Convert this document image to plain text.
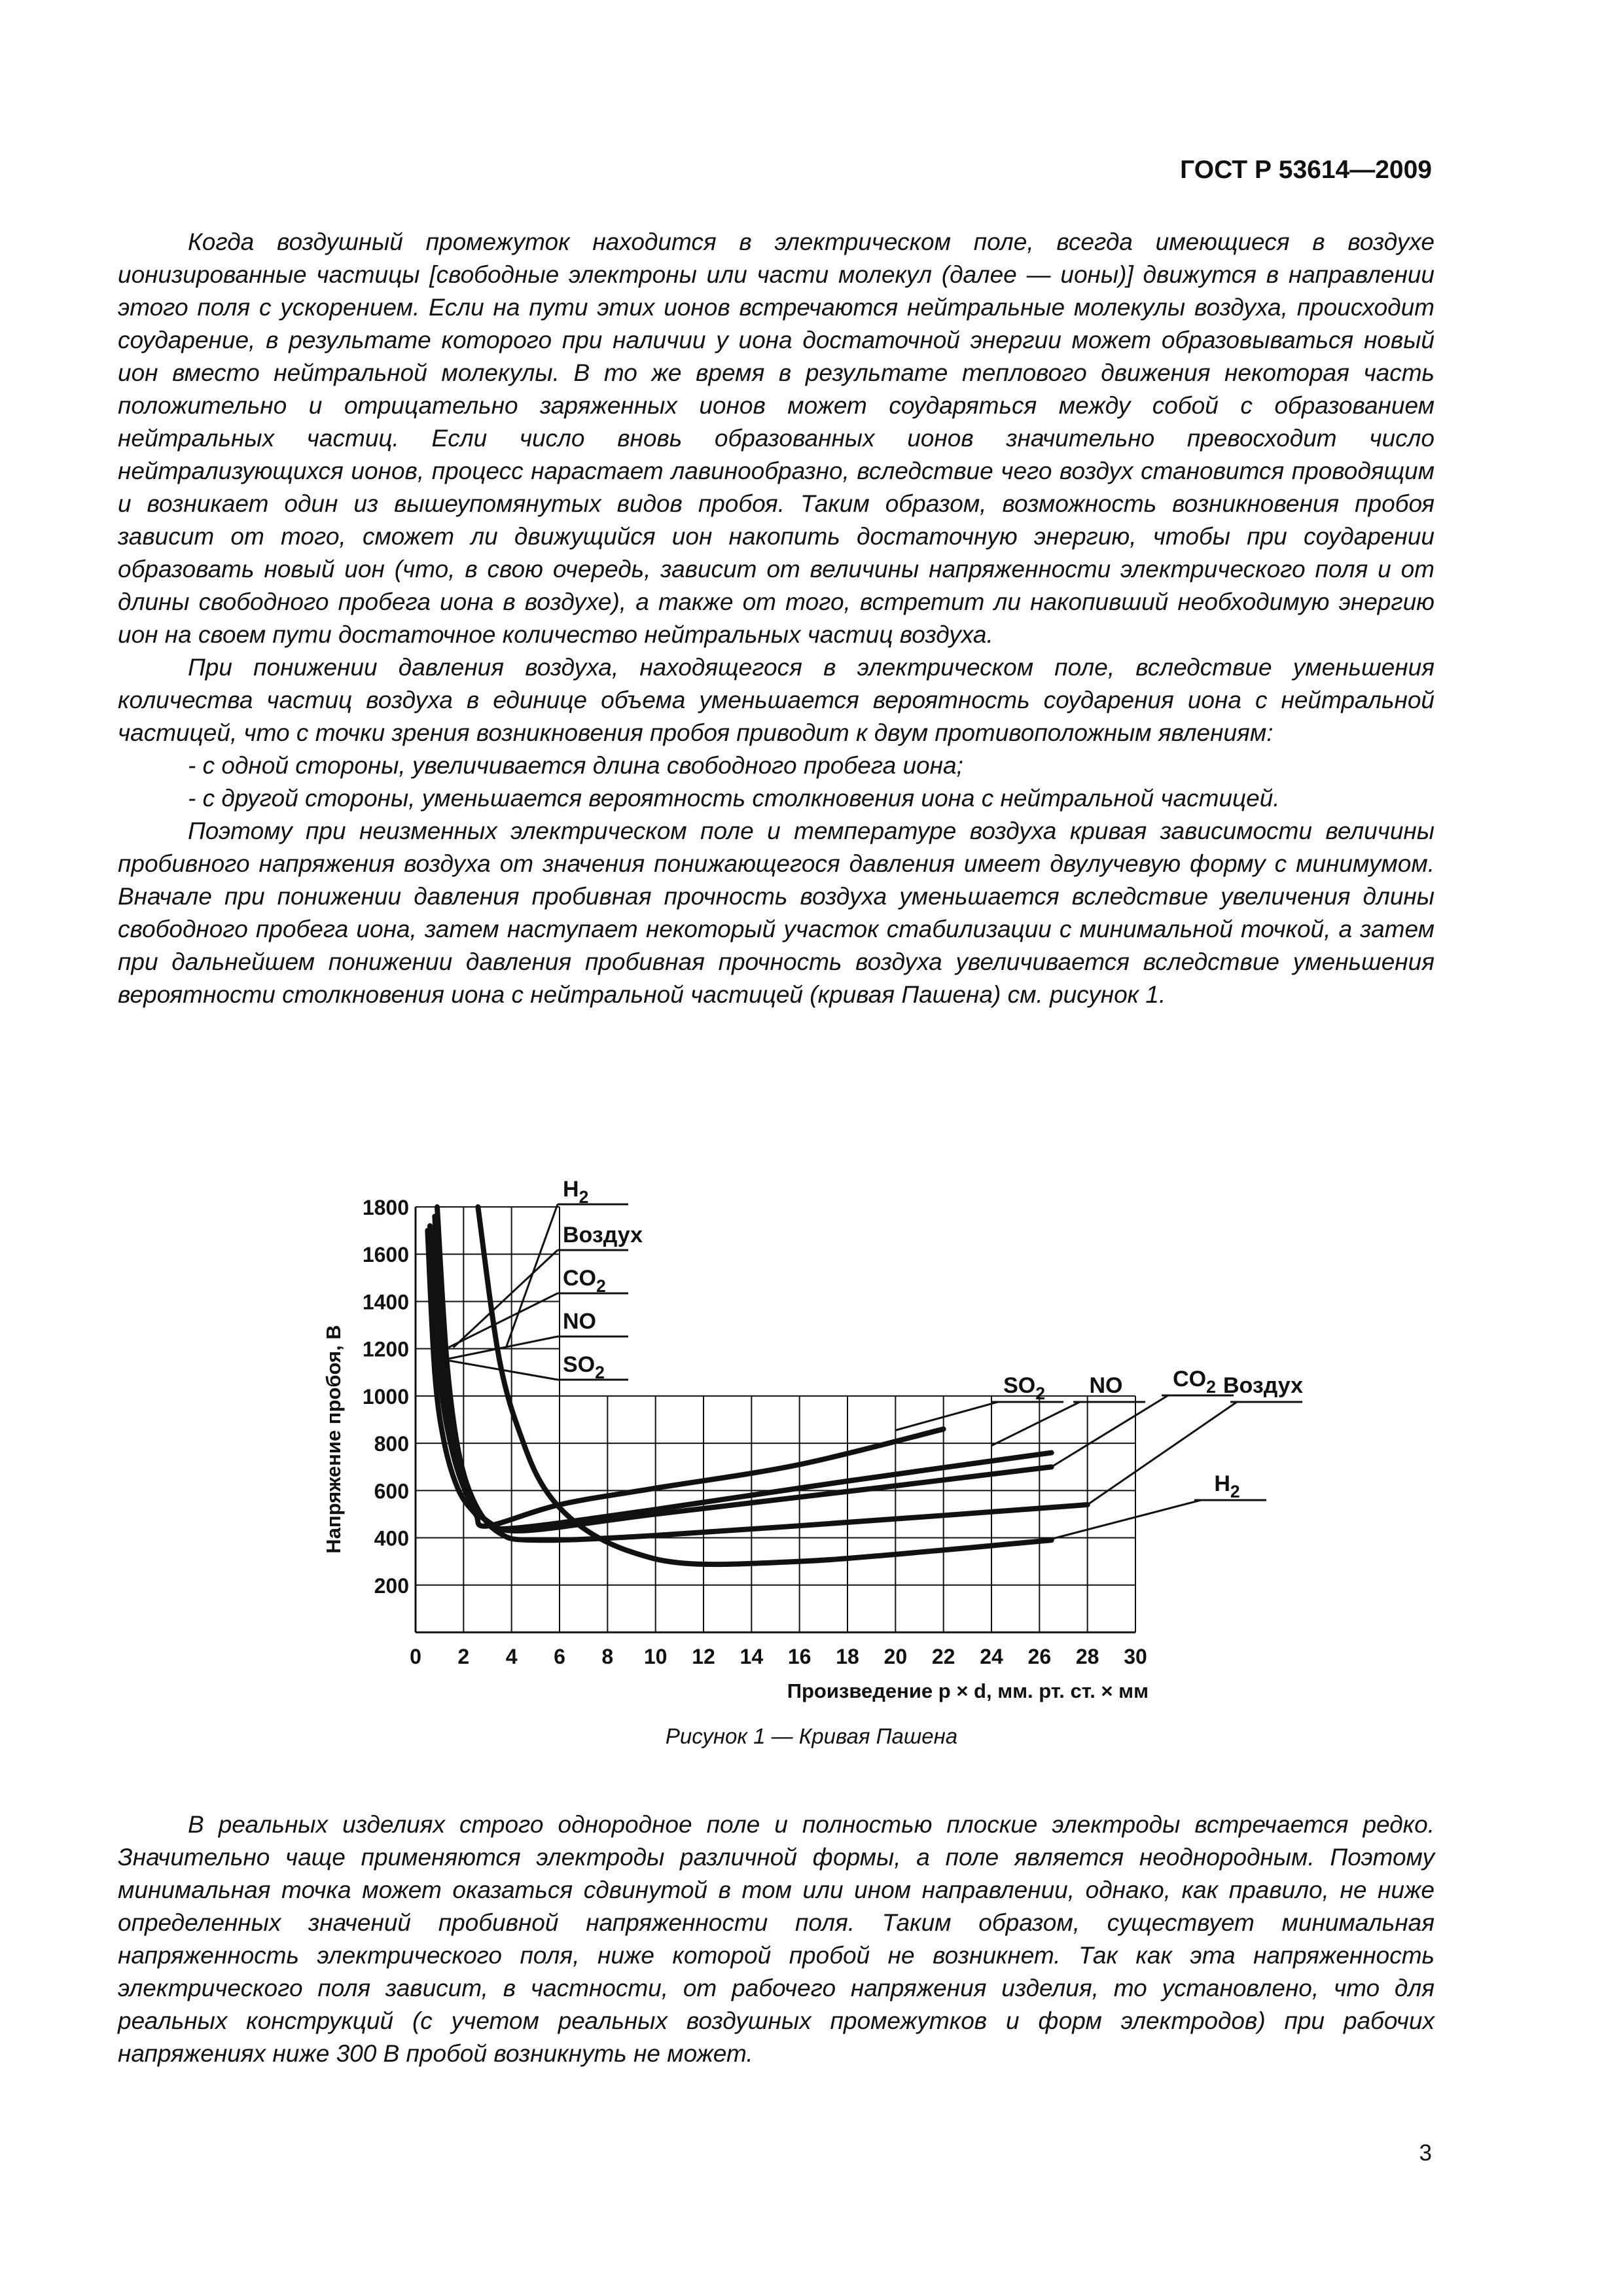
ГОСТ Р 53614—2009

Когда воздушный промежуток находится в электрическом поле, всегда имеющиеся в воздухе ионизированные частицы [свободные электроны или части молекул (далее — ионы)] движутся в направлении этого поля с ускорением. Если на пути этих ионов встречаются нейтральные молекулы воздуха, происходит соударение, в результате которого при наличии у иона достаточной энергии может образовываться новый ион вместо нейтральной молекулы. В то же время в результате теплового движения некоторая часть положительно и отрицательно заряженных ионов может соударяться между собой с образованием нейтральных частиц. Если число вновь образованных ионов значительно превосходит число нейтрализующихся ионов, процесс нарастает лавинообразно, вследствие чего воздух становится проводящим и возникает один из вышеупомянутых видов пробоя. Таким образом, возможность возникновения пробоя зависит от того, сможет ли движущийся ион накопить достаточную энергию, чтобы при соударении образовать новый ион (что, в свою очередь, зависит от величины напряженности электрического поля и от длины свободного пробега иона в воздухе), а также от того, встретит ли накопивший необходимую энергию ион на своем пути достаточное количество нейтральных частиц воздуха.

При понижении давления воздуха, находящегося в электрическом поле, вследствие уменьшения количества частиц воздуха в единице объема уменьшается вероятность соударения иона с нейтральной частицей, что с точки зрения возникновения пробоя приводит к двум противоположным явлениям:

- с одной стороны, увеличивается длина свободного пробега иона;

- с другой стороны, уменьшается вероятность столкновения иона с нейтральной частицей.

Поэтому при неизменных электрическом поле и температуре воздуха кривая зависимости величины пробивного напряжения воздуха от значения понижающегося давления имеет двулучевую форму с минимумом. Вначале при понижении давления пробивная прочность воздуха уменьшается вследствие увеличения длины свободного пробега иона, затем наступает некоторый участок стабилизации с минимальной точкой, а затем при дальнейшем понижении давления пробивная прочность воздуха увеличивается вследствие уменьшения вероятности столкновения иона с нейтральной частицей (кривая Пашена) см. рисунок 1.

0 2 4 6 8 10 12 14 16 18 20 22 24 26 28 30
200
400
600
800
1000
1200
1400
1600
1800
Произведение p × d, мм. рт. ст. × мм
Напряжение пробоя, В
$H_2$
Воздух
$CO_2$
NO
$SO_2$
$SO_2$ NO $CO_2$ Воздух
$H_2$
Рисунок 1 — Кривая Пашена

В реальных изделиях строго однородное поле и полностью плоские электроды встречается редко. Значительно чаще применяются электроды различной формы, а поле является неоднородным. Поэтому минимальная точка может оказаться сдвинутой в том или ином направлении, однако, как правило, не ниже определенных значений пробивной напряженности поля. Таким образом, существует минимальная напряженность электрического поля, ниже которой пробой не возникнет. Так как эта напряженность электрического поля зависит, в частности, от рабочего напряжения изделия, то установлено, что для реальных конструкций (с учетом реальных воздушных промежутков и форм электродов) при рабочих напряжениях ниже 300 В пробой возникнуть не может.

3
